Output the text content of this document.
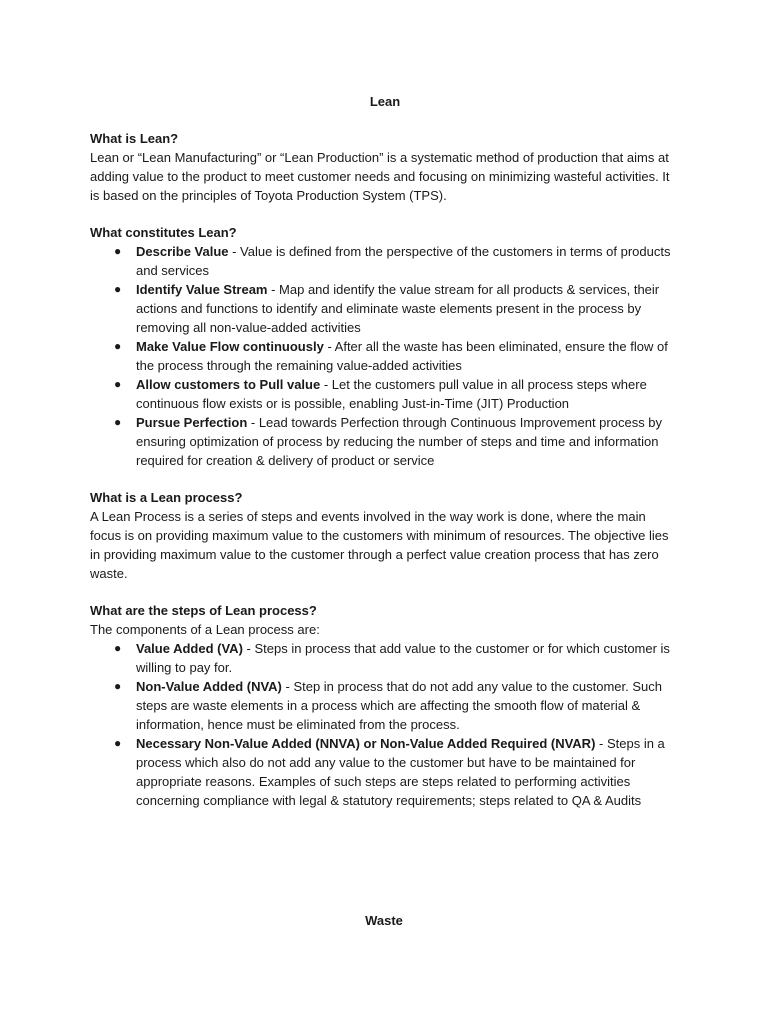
Lean
What is Lean?

Lean or “Lean Manufacturing” or “Lean Production” is a systematic method of production that aims at adding value to the product to meet customer needs and focusing on minimizing wasteful activities. It is based on the principles of Toyota Production System (TPS).

What constitutes Lean?
● Describe Value - Value is defined from the perspective of the customers in terms of products and services
● Identify Value Stream - Map and identify the value stream for all products & services, their actions and functions to identify and eliminate waste elements present in the process by removing all non-value-added activities
● Make Value Flow continuously - After all the waste has been eliminated, ensure the flow of the process through the remaining value-added activities
● Allow customers to Pull value - Let the customers pull value in all process steps where continuous flow exists or is possible, enabling Just-in-Time (JIT) Production
● Pursue Perfection - Lead towards Perfection through Continuous Improvement process by ensuring optimization of process by reducing the number of steps and time and information required for creation & delivery of product or service
What is a Lean process?

A Lean Process is a series of steps and events involved in the way work is done, where the main focus is on providing maximum value to the customers with minimum of resources. The objective lies in providing maximum value to the customer through a perfect value creation process that has zero waste.

What are the steps of Lean process?

The components of a Lean process are:

● Value Added (VA) - Steps in process that add value to the customer or for which customer is willing to pay for.
● Non-Value Added (NVA) - Step in process that do not add any value to the customer. Such steps are waste elements in a process which are affecting the smooth flow of material & information, hence must be eliminated from the process.
● Necessary Non-Value Added (NNVA) or Non-Value Added Required (NVAR) - Steps in a process which also do not add any value to the customer but have to be maintained for appropriate reasons. Examples of such steps are steps related to performing activities concerning compliance with legal & statutory requirements; steps related to QA & Audits
Waste
